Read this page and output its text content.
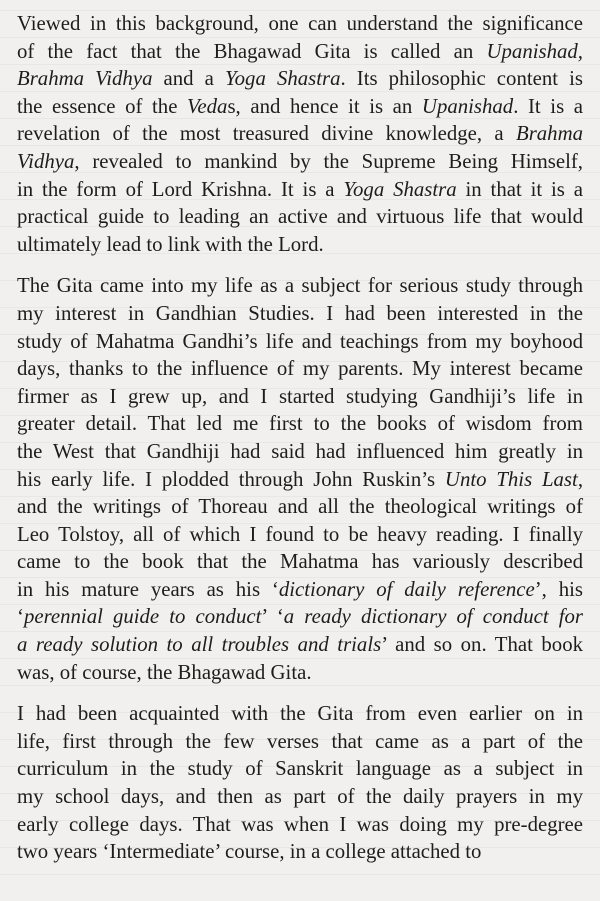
Viewed in this background, one can understand the significance
of the fact that the Bhagawad Gita is called an Upanishad,
Brahma Vidhya and a Yoga Shastra. Its philosophic content is
the essence of the Vedas, and hence it is an Upanishad. It is a
revelation of the most treasured divine knowledge, a Brahma
Vidhya, revealed to mankind by the Supreme Being Himself,
in the form of Lord Krishna. It is a Yoga Shastra in that it is a
practical guide to leading an active and virtuous life that would
ultimately lead to link with the Lord.
The Gita came into my life as a subject for serious study through
my interest in Gandhian Studies. I had been interested in the
study of Mahatma Gandhi’s life and teachings from my boyhood
days, thanks to the influence of my parents. My interest became
firmer as I grew up, and I started studying Gandhiji’s life in
greater detail. That led me first to the books of wisdom from
the West that Gandhiji had said had influenced him greatly in
his early life. I plodded through John Ruskin’s Unto This Last,
and the writings of Thoreau and all the theological writings of
Leo Tolstoy, all of which I found to be heavy reading. I finally
came to the book that the Mahatma has variously described
in his mature years as his ‘dictionary of daily reference’, his
‘perennial guide to conduct’ ‘a ready dictionary of conduct for
a ready solution to all troubles and trials’ and so on. That book
was, of course, the Bhagawad Gita.
I had been acquainted with the Gita from even earlier on in
life, first through the few verses that came as a part of the
curriculum in the study of Sanskrit language as a subject in
my school days, and then as part of the daily prayers in my
early college days. That was when I was doing my pre-degree
two years ‘Intermediate’ course, in a college attached to
